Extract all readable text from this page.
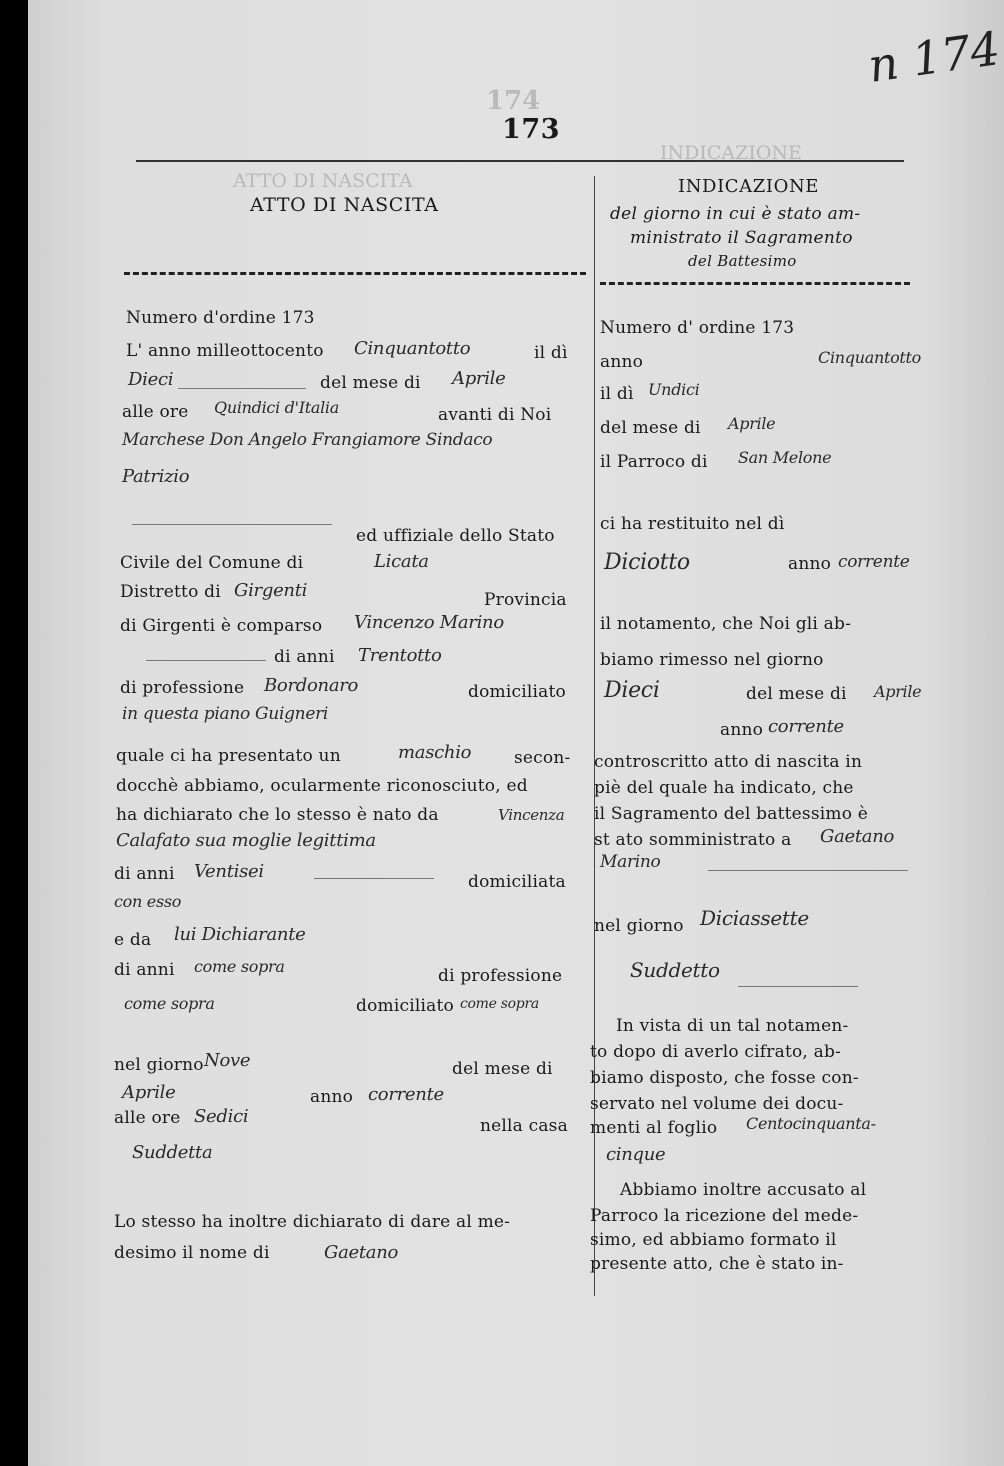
174
ATTO DI NASCITA
INDICAZIONE
n 174
173
ATTO DI NASCITA
INDICAZIONE
del giorno in cui è stato am-
ministrato il Sagramento
del Battesimo
Numero d'ordine 173
L' anno milleottocento Cinquantotto	il dì
Dieci	del mese di Aprile
alle ore Quindici d'Italia	avanti di Noi
Marchese Don Angelo Frangiamore Sindaco
Patrizio
ed uffiziale dello Stato
Civile del Comune di	Licata
Distretto di Girgenti	Provincia
di Girgenti è comparso Vincenzo Marino
di anni Trentotto
di professione Bordonaro	domiciliato
in questa piano Guigneri
quale ci ha presentato un	maschio	secon-
docchè abbiamo, ocularmente riconosciuto, ed
ha dichiarato che lo stesso è nato da	Vincenza
Calafato sua moglie legittima
di anni Ventisei	domiciliata
con esso
e da lui Dichiarante
di anni come sopra	di professione
come sopra	domiciliato come sopra
nel giorno Nove	del mese di
Aprile	anno corrente
alle ore Sedici	nella casa
Suddetta
Lo stesso ha inoltre dichiarato di dare al me-
desimo il nome di	Gaetano
Numero d' ordine 173
anno	Cinquantotto
il dì Undici
del mese di Aprile
il Parroco di San Melone
ci ha restituito nel dì
Diciotto	anno corrente
il notamento, che Noi gli ab-
biamo rimesso nel giorno
Dieci	del mese di Aprile
anno corrente
controscritto atto di nascita in
piè del quale ha indicato, che
il Sagramento del battessimo è
st ato somministrato a Gaetano
Marino
nel giorno Diciassette
Suddetto
In vista di un tal notamen-
to dopo di averlo cifrato, ab-
biamo disposto, che fosse con-
servato nel volume dei docu-
menti al foglio Centocinquanta-
cinque
Abbiamo inoltre accusato al
Parroco la ricezione del mede-
simo, ed abbiamo formato il
presente atto, che è stato in-
